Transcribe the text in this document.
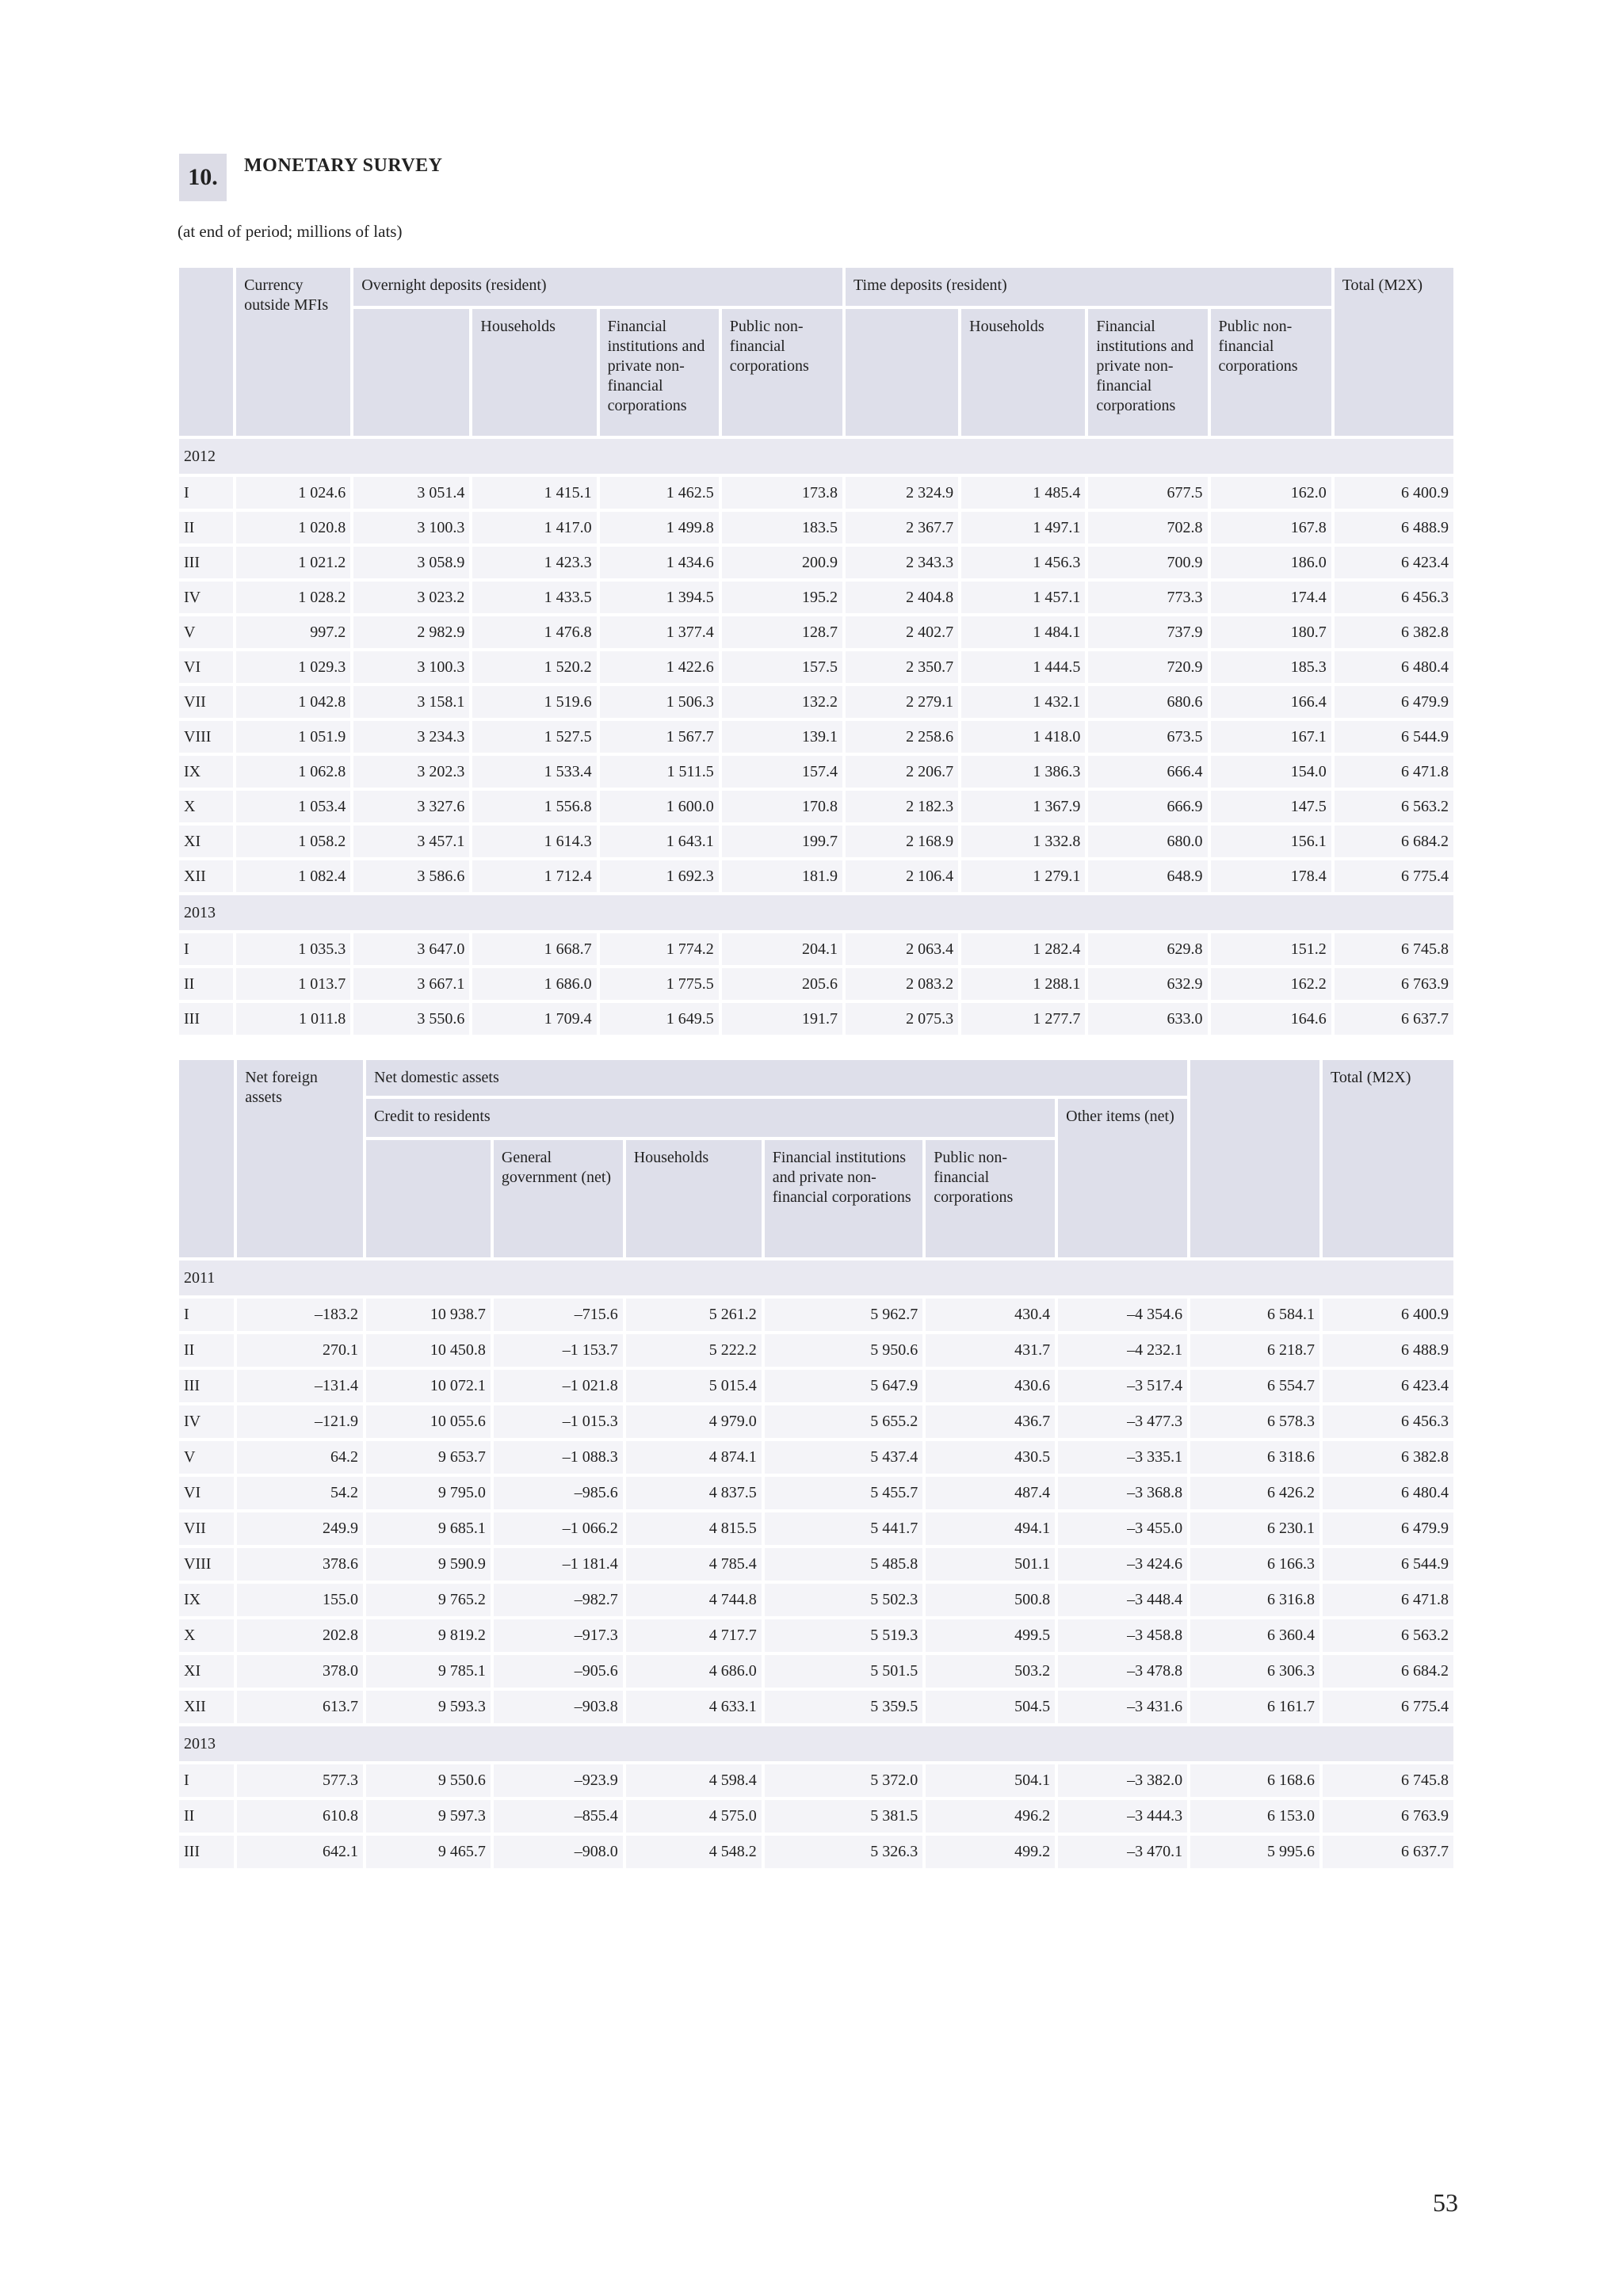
10.	MONETARY SURVEY
(at end of period; millions of lats)
	Currency outside MFIs	Overnight deposits (resident)				Time deposits (resident)				Total (M2X)
			Households	Financial institutions and private non-financial corporations	Public non-financial corporations		Households	Financial institutions and private non-financial corporations	Public non-financial corporations	
2012										
I	1 024.6	3 051.4	1 415.1	1 462.5	173.8	2 324.9	1 485.4	677.5	162.0	6 400.9
II	1 020.8	3 100.3	1 417.0	1 499.8	183.5	2 367.7	1 497.1	702.8	167.8	6 488.9
III	1 021.2	3 058.9	1 423.3	1 434.6	200.9	2 343.3	1 456.3	700.9	186.0	6 423.4
IV	1 028.2	3 023.2	1 433.5	1 394.5	195.2	2 404.8	1 457.1	773.3	174.4	6 456.3
V	997.2	2 982.9	1 476.8	1 377.4	128.7	2 402.7	1 484.1	737.9	180.7	6 382.8
VI	1 029.3	3 100.3	1 520.2	1 422.6	157.5	2 350.7	1 444.5	720.9	185.3	6 480.4
VII	1 042.8	3 158.1	1 519.6	1 506.3	132.2	2 279.1	1 432.1	680.6	166.4	6 479.9
VIII	1 051.9	3 234.3	1 527.5	1 567.7	139.1	2 258.6	1 418.0	673.5	167.1	6 544.9
IX	1 062.8	3 202.3	1 533.4	1 511.5	157.4	2 206.7	1 386.3	666.4	154.0	6 471.8
X	1 053.4	3 327.6	1 556.8	1 600.0	170.8	2 182.3	1 367.9	666.9	147.5	6 563.2
XI	1 058.2	3 457.1	1 614.3	1 643.1	199.7	2 168.9	1 332.8	680.0	156.1	6 684.2
XII	1 082.4	3 586.6	1 712.4	1 692.3	181.9	2 106.4	1 279.1	648.9	178.4	6 775.4
2013										
I	1 035.3	3 647.0	1 668.7	1 774.2	204.1	2 063.4	1 282.4	629.8	151.2	6 745.8
II	1 013.7	3 667.1	1 686.0	1 775.5	205.6	2 083.2	1 288.1	632.9	162.2	6 763.9
III	1 011.8	3 550.6	1 709.4	1 649.5	191.7	2 075.3	1 277.7	633.0	164.6	6 637.7
	Net foreign assets	Net domestic assets							Total (M2X)
		Credit to residents					Other items (net)		
			General government (net)	Households	Financial institutions and private non-financial corporations	Public non-financial corporations			
2011									
I	–183.2	10 938.7	–715.6	5 261.2	5 962.7	430.4	–4 354.6	6 584.1	6 400.9
II	270.1	10 450.8	–1 153.7	5 222.2	5 950.6	431.7	–4 232.1	6 218.7	6 488.9
III	–131.4	10 072.1	–1 021.8	5 015.4	5 647.9	430.6	–3 517.4	6 554.7	6 423.4
IV	–121.9	10 055.6	–1 015.3	4 979.0	5 655.2	436.7	–3 477.3	6 578.3	6 456.3
V	64.2	9 653.7	–1 088.3	4 874.1	5 437.4	430.5	–3 335.1	6 318.6	6 382.8
VI	54.2	9 795.0	–985.6	4 837.5	5 455.7	487.4	–3 368.8	6 426.2	6 480.4
VII	249.9	9 685.1	–1 066.2	4 815.5	5 441.7	494.1	–3 455.0	6 230.1	6 479.9
VIII	378.6	9 590.9	–1 181.4	4 785.4	5 485.8	501.1	–3 424.6	6 166.3	6 544.9
IX	155.0	9 765.2	–982.7	4 744.8	5 502.3	500.8	–3 448.4	6 316.8	6 471.8
X	202.8	9 819.2	–917.3	4 717.7	5 519.3	499.5	–3 458.8	6 360.4	6 563.2
XI	378.0	9 785.1	–905.6	4 686.0	5 501.5	503.2	–3 478.8	6 306.3	6 684.2
XII	613.7	9 593.3	–903.8	4 633.1	5 359.5	504.5	–3 431.6	6 161.7	6 775.4
2013									
I	577.3	9 550.6	–923.9	4 598.4	5 372.0	504.1	–3 382.0	6 168.6	6 745.8
II	610.8	9 597.3	–855.4	4 575.0	5 381.5	496.2	–3 444.3	6 153.0	6 763.9
III	642.1	9 465.7	–908.0	4 548.2	5 326.3	499.2	–3 470.1	5 995.6	6 637.7
53
